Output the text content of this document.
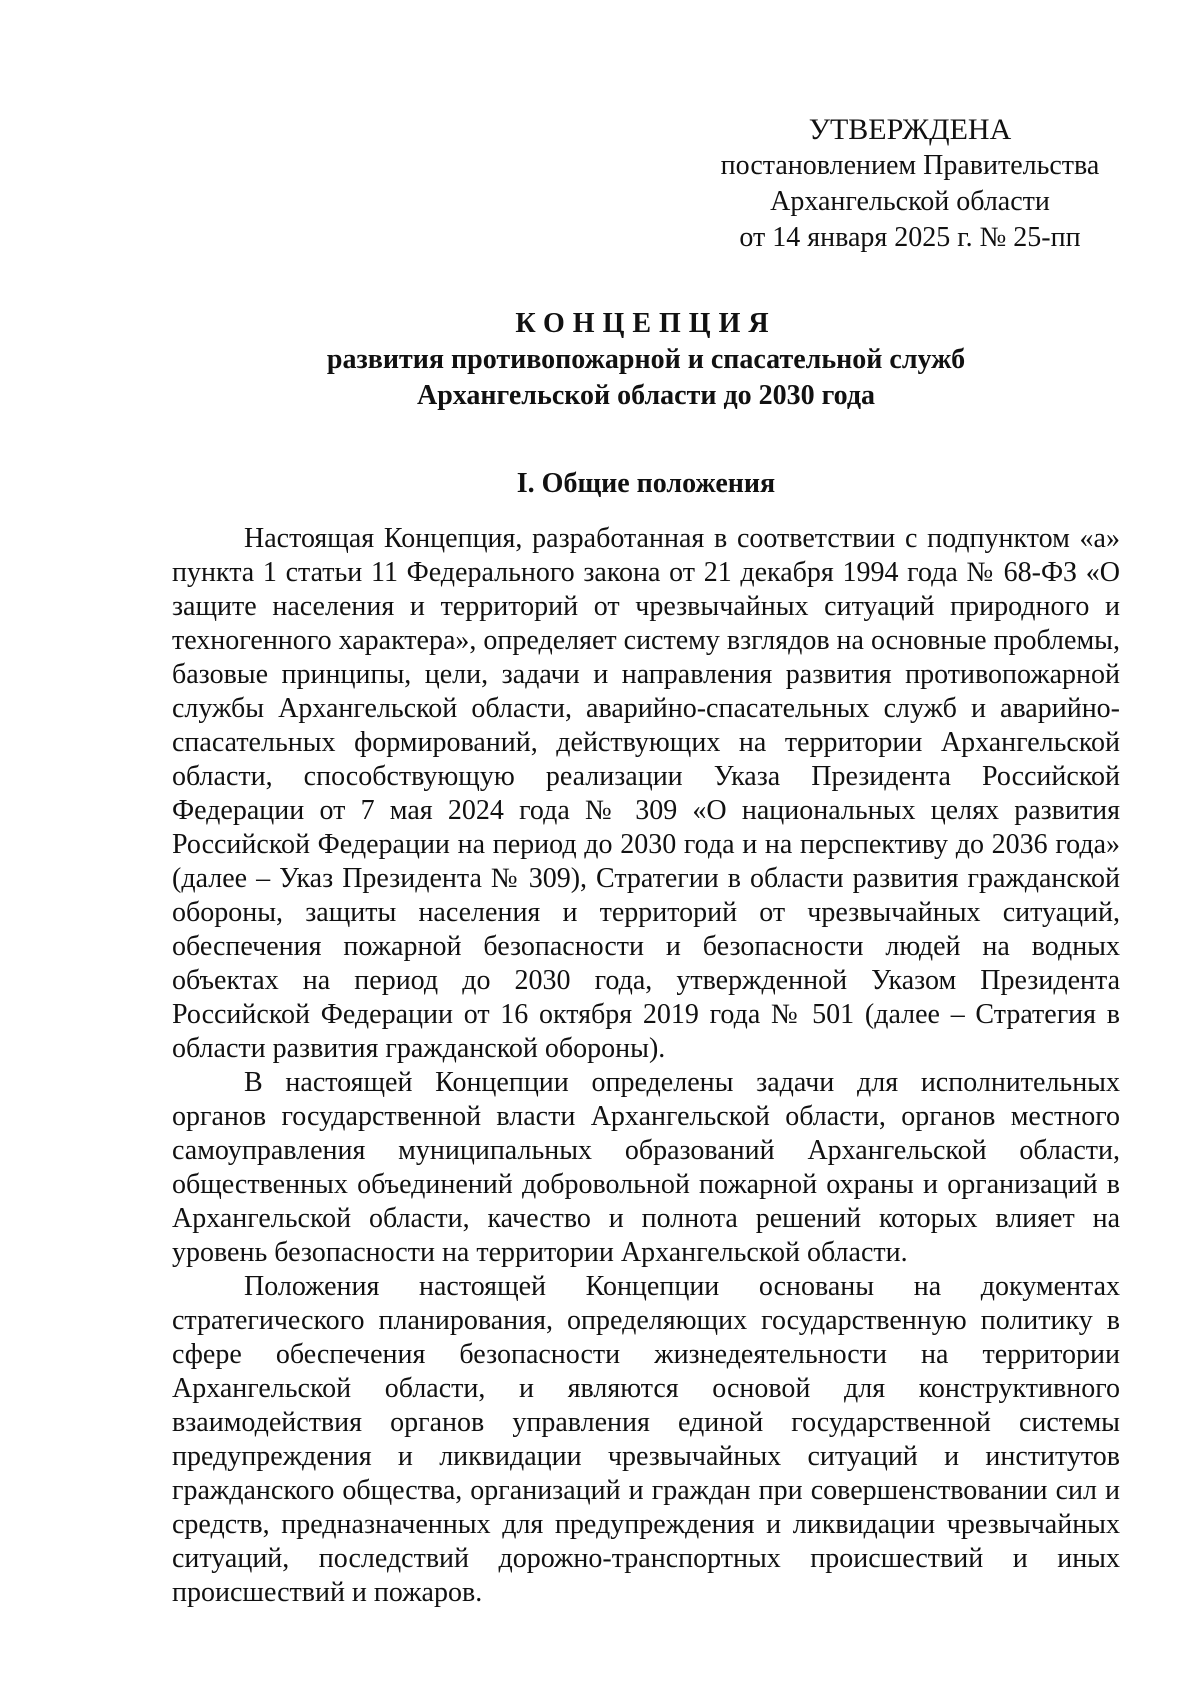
УТВЕРЖДЕНА
постановлением Правительства
Архангельской области
от 14 января 2025 г. № 25-пп
КОНЦЕПЦИЯ
развития противопожарной и спасательной служб
Архангельской области до 2030 года
I. Общие положения

Настоящая Концепция, разработанная в соответствии с подпунктом «а» пункта 1 статьи 11 Федерального закона от 21 декабря 1994 года № 68-ФЗ «О защите населения и территорий от чрезвычайных ситуаций природного и техногенного характера», определяет систему взглядов на основные проблемы, базовые принципы, цели, задачи и направления развития противопожарной службы Архангельской области, аварийно-спасательных служб и аварийно-спасательных формирований, действующих на территории Архангельской области, способствующую реализации Указа Президента Российской Федерации от 7 мая 2024 года № 309 «О национальных целях развития Российской Федерации на период до 2030 года и на перспективу до 2036 года» (далее – Указ Президента № 309), Стратегии в области развития гражданской обороны, защиты населения и территорий от чрезвычайных ситуаций, обеспечения пожарной безопасности и безопасности людей на водных объектах на период до 2030 года, утвержденной Указом Президента Российской Федерации от 16 октября 2019 года № 501 (далее – Стратегия в области развития гражданской обороны).

В настоящей Концепции определены задачи для исполнительных органов государственной власти Архангельской области, органов местного самоуправления муниципальных образований Архангельской области, общественных объединений добровольной пожарной охраны и организаций в Архангельской области, качество и полнота решений которых влияет на уровень безопасности на территории Архангельской области.

Положения настоящей Концепции основаны на документах стратегического планирования, определяющих государственную политику в сфере обеспечения безопасности жизнедеятельности на территории Архангельской области, и являются основой для конструктивного взаимодействия органов управления единой государственной системы предупреждения и ликвидации чрезвычайных ситуаций и институтов гражданского общества, организаций и граждан при совершенствовании сил и средств, предназначенных для предупреждения и ликвидации чрезвычайных ситуаций, последствий дорожно-транспортных происшествий и иных происшествий и пожаров.
